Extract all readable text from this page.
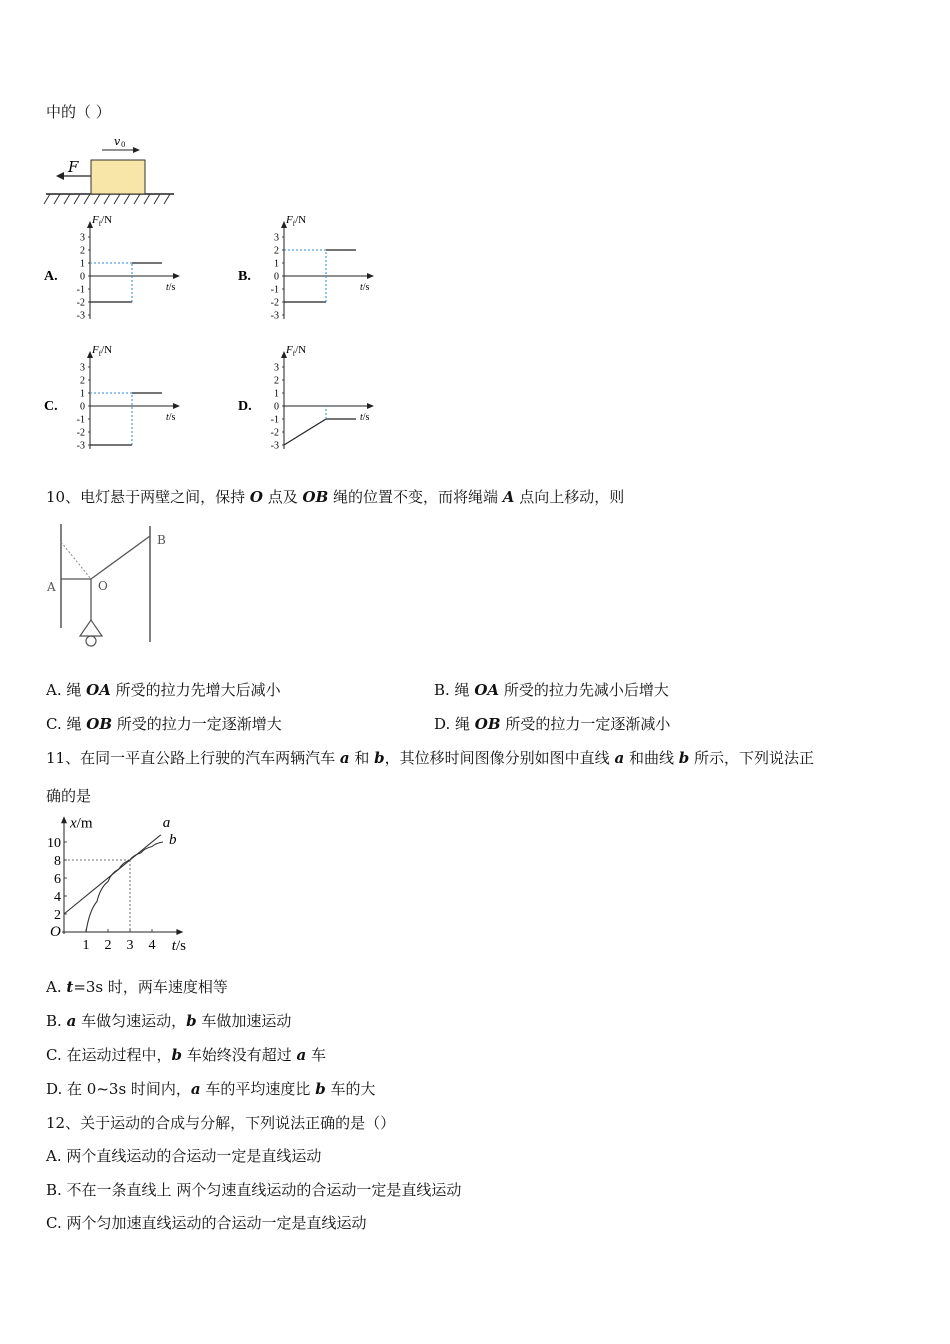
中的（ ）
F
v 0
A.
3
2
1
0
-1
-2
-3
$F_f/N$
t/s
B.
3
2
1
0
-1
-2
-3
$F_f/N$
t/s
C.
3
2
1
0
-1
-2
-3
$F_f/N$
t/s
D.
3
2
1
0
-1
-2
-3
$F_f/N$
t/s
10、电灯悬于两壁之间，保持 O 点及 OB 绳的位置不变，而将绳端 A 点向上移动，则
A	O
B
A. 绳 OA 所受的拉力先增大后减小	B. 绳 OA 所受的拉力先减小后增大
C. 绳 OB 所受的拉力一定逐渐增大	D. 绳 OB 所受的拉力一定逐渐减小
11、在同一平直公路上行驶的汽车两辆汽车 a 和 b，其位移时间图像分别如图中直线 a 和曲线 b 所示，下列说法正
确的是
2
4
6
8
10
1 2 3 4
O
x/m
t/s
a
b
A. t=3s 时，两车速度相等
B. a 车做匀速运动，b 车做加速运动
C. 在运动过程中，b 车始终没有超过 a 车
D. 在 0~3s 时间内，a 车的平均速度比 b 车的大
12、关于运动的合成与分解，下列说法正确的是（）
A. 两个直线运动的合运动一定是直线运动
B. 不在一条直线上 两个匀速直线运动的合运动一定是直线运动
C. 两个匀加速直线运动的合运动一定是直线运动
